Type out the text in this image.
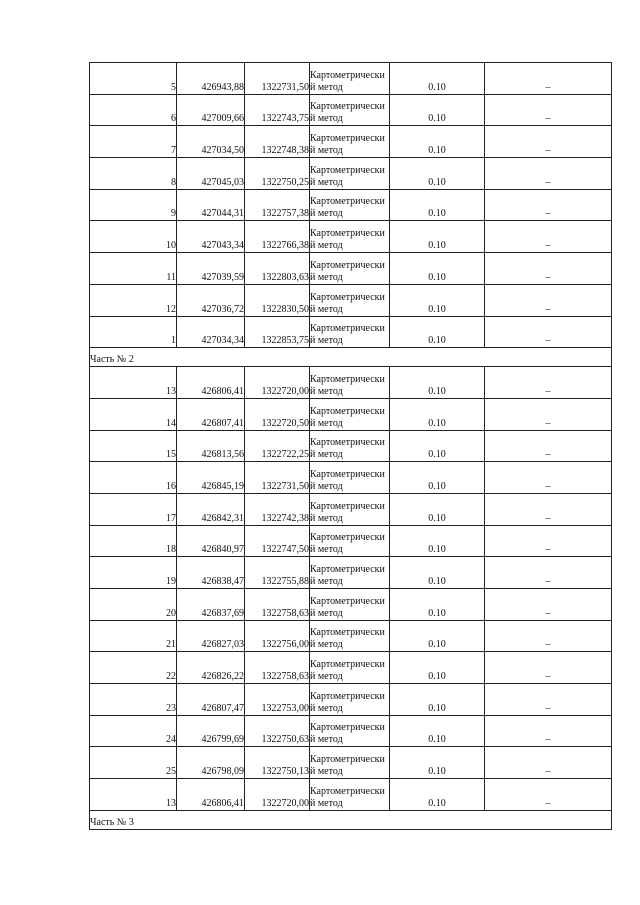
5	426943,88	1322731,50	Картометрический метод	0.10	–
6	427009,66	1322743,75	Картометрический метод	0.10	–
7	427034,50	1322748,38	Картометрический метод	0.10	–
8	427045,03	1322750,25	Картометрический метод	0.10	–
9	427044,31	1322757,38	Картометрический метод	0.10	–
10	427043,34	1322766,38	Картометрический метод	0.10	–
11	427039,59	1322803,63	Картометрический метод	0.10	–
12	427036,72	1322830,50	Картометрический метод	0.10	–
1	427034,34	1322853,75	Картометрический метод	0.10	–
Часть № 2					
13	426806,41	1322720,00	Картометрический метод	0.10	–
14	426807,41	1322720,50	Картометрический метод	0.10	–
15	426813,56	1322722,25	Картометрический метод	0.10	–
16	426845,19	1322731,50	Картометрический метод	0.10	–
17	426842,31	1322742,38	Картометрический метод	0.10	–
18	426840,97	1322747,50	Картометрический метод	0.10	–
19	426838,47	1322755,88	Картометрический метод	0.10	–
20	426837,69	1322758,63	Картометрический метод	0.10	–
21	426827,03	1322756,00	Картометрический метод	0.10	–
22	426826,22	1322758,63	Картометрический метод	0.10	–
23	426807,47	1322753,00	Картометрический метод	0.10	–
24	426799,69	1322750,63	Картометрический метод	0.10	–
25	426798,09	1322750,13	Картометрический метод	0.10	–
13	426806,41	1322720,00	Картометрический метод	0.10	–
Часть № 3					
